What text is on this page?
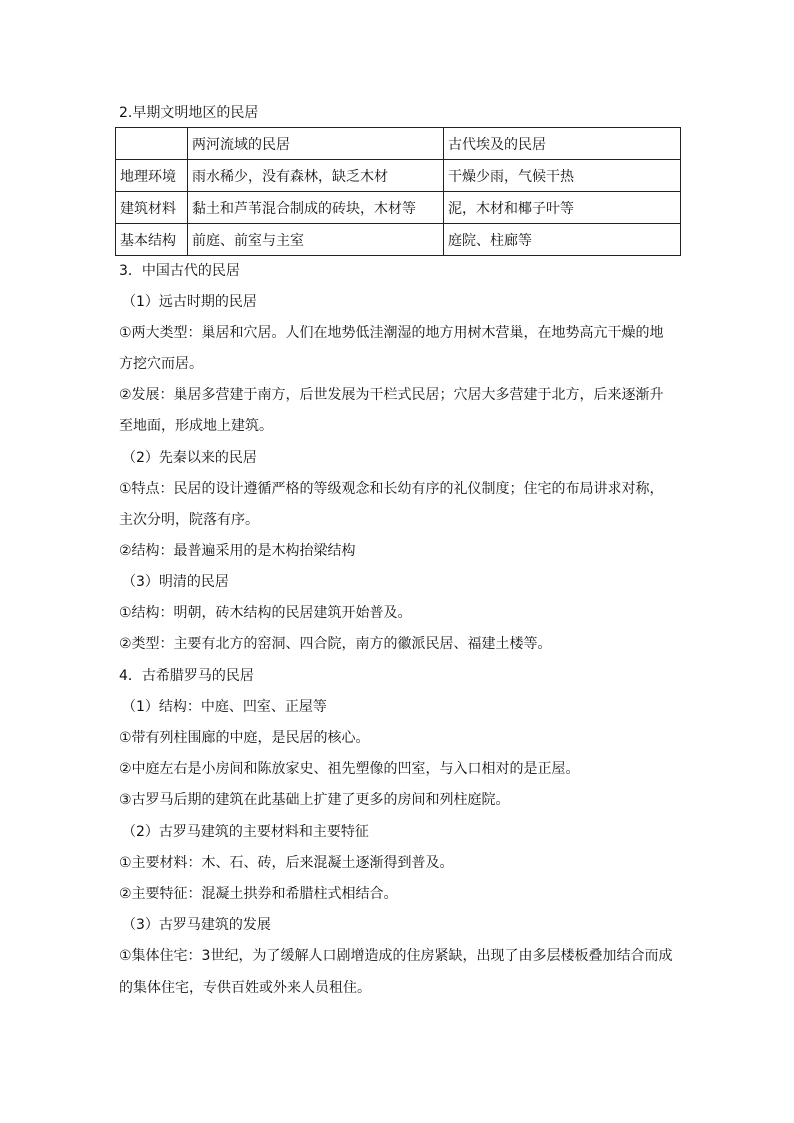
2.早期文明地区的民居
	两河流域的民居	古代埃及的民居
地理环境	雨水稀少，没有森林，缺乏木材	干燥少雨，气候干热
建筑材料	黏土和芦苇混合制成的砖块，木材等	泥，木材和椰子叶等
基本结构	前庭、前室与主室	庭院、柱廊等
3．中国古代的民居
（1）远古时期的民居
①两大类型：巢居和穴居。人们在地势低洼潮湿的地方用树木营巢，在地势高亢干燥的地
方挖穴而居。
②发展：巢居多营建于南方，后世发展为干栏式民居；穴居大多营建于北方，后来逐渐升
至地面，形成地上建筑。
（2）先秦以来的民居
①特点：民居的设计遵循严格的等级观念和长幼有序的礼仪制度；住宅的布局讲求对称，
主次分明，院落有序。
②结构：最普遍采用的是木构抬梁结构
（3）明清的民居
①结构：明朝，砖木结构的民居建筑开始普及。
②类型：主要有北方的窑洞、四合院，南方的徽派民居、福建土楼等。
4．古希腊罗马的民居
（1）结构：中庭、凹室、正屋等
①带有列柱围廊的中庭，是民居的核心。
②中庭左右是小房间和陈放家史、祖先塑像的凹室，与入口相对的是正屋。
③古罗马后期的建筑在此基础上扩建了更多的房间和列柱庭院。
（2）古罗马建筑的主要材料和主要特征
①主要材料：木、石、砖，后来混凝土逐渐得到普及。
②主要特征：混凝土拱券和希腊柱式相结合。
（3）古罗马建筑的发展
①集体住宅：3世纪，为了缓解人口剧增造成的住房紧缺，出现了由多层楼板叠加结合而成
的集体住宅，专供百姓或外来人员租住。
